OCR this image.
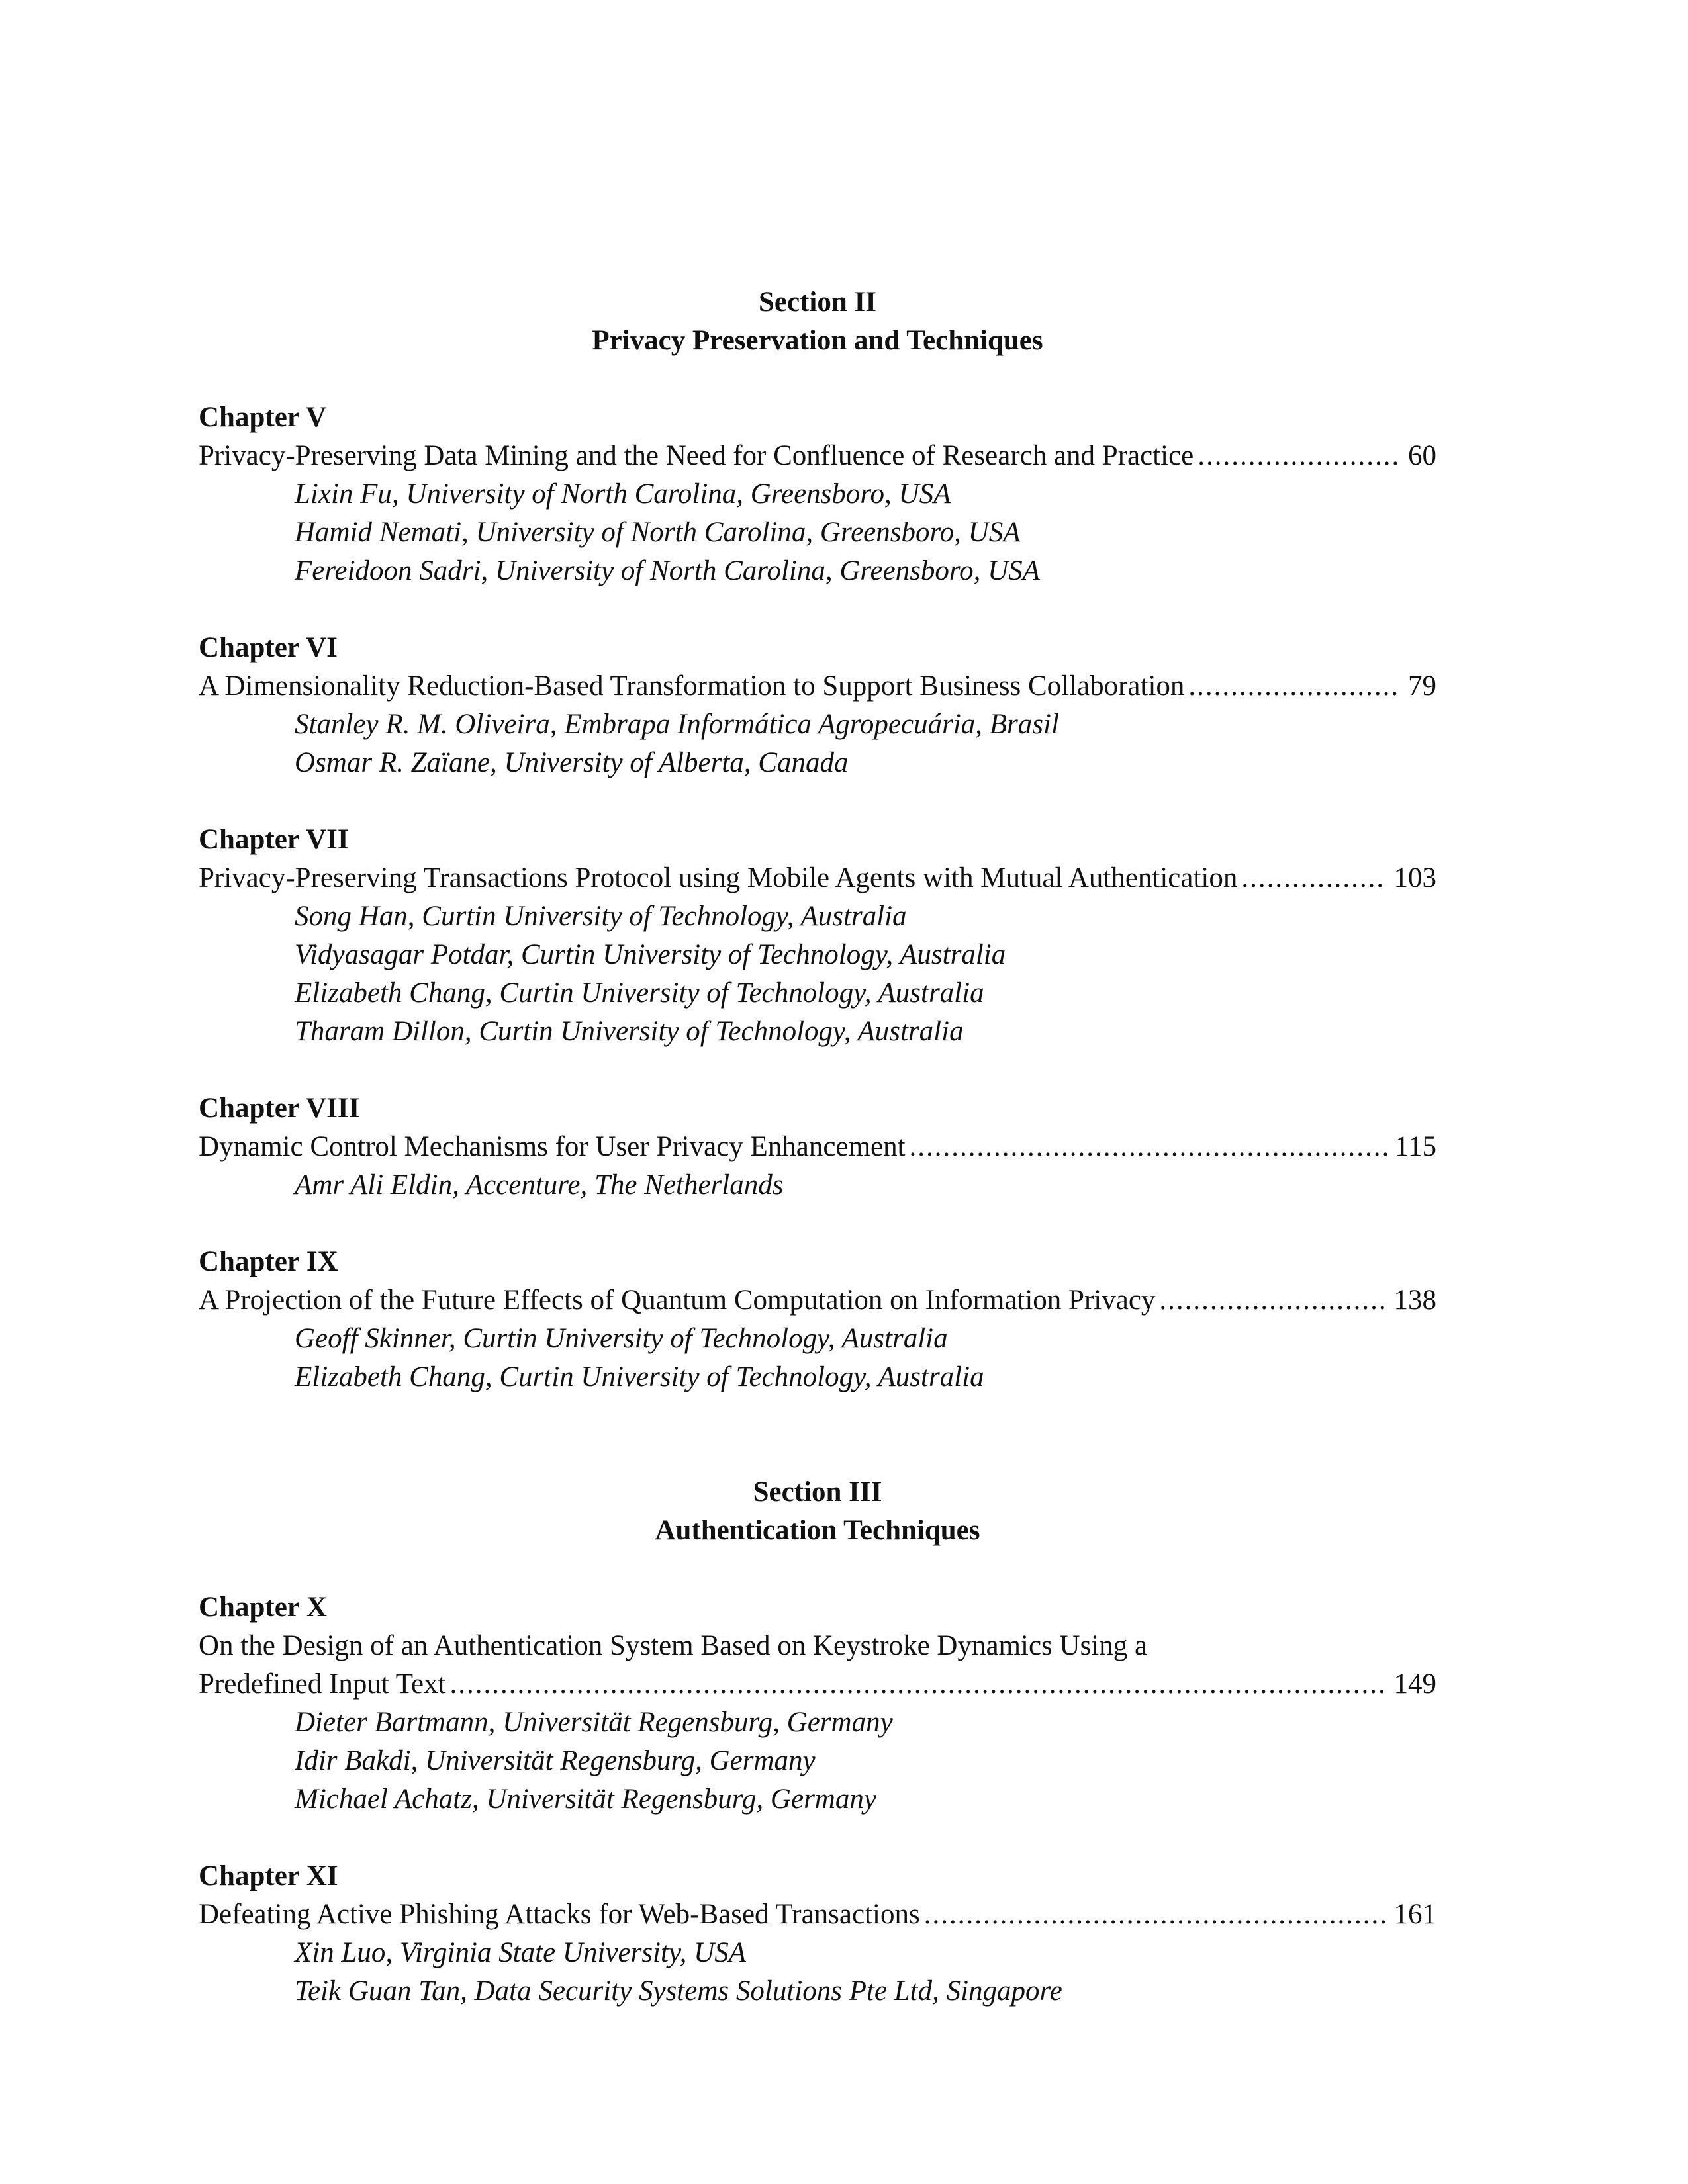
Section II
Privacy Preservation and Techniques
Chapter V
Privacy-Preserving Data Mining and the Need for Confluence of Research and Practice .....	60
Lixin Fu, University of North Carolina, Greensboro, USA
Hamid Nemati, University of North Carolina, Greensboro, USA
Fereidoon Sadri, University of North Carolina, Greensboro, USA
Chapter VI
A Dimensionality Reduction-Based Transformation to Support Business Collaboration .....	79
Stanley R. M. Oliveira, Embrapa Informática Agropecuária, Brasil
Osmar R. Zaïane, University of Alberta, Canada
Chapter VII
Privacy-Preserving Transactions Protocol using Mobile Agents with Mutual Authentication .....	103
Song Han, Curtin University of Technology, Australia
Vidyasagar Potdar, Curtin University of Technology, Australia
Elizabeth Chang, Curtin University of Technology, Australia
Tharam Dillon, Curtin University of Technology, Australia
Chapter VIII
Dynamic Control Mechanisms for User Privacy Enhancement .....	115
Amr Ali Eldin, Accenture, The Netherlands
Chapter IX
A Projection of the Future Effects of Quantum Computation on Information Privacy .....	138
Geoff Skinner, Curtin University of Technology, Australia
Elizabeth Chang, Curtin University of Technology, Australia
Section III
Authentication Techniques
Chapter X
On the Design of an Authentication System Based on Keystroke Dynamics Using a
Predefined Input Text .....	149
Dieter Bartmann, Universität Regensburg, Germany
Idir Bakdi, Universität Regensburg, Germany
Michael Achatz, Universität Regensburg, Germany
Chapter XI
Defeating Active Phishing Attacks for Web-Based Transactions .....	161
Xin Luo, Virginia State University, USA
Teik Guan Tan, Data Security Systems Solutions Pte Ltd, Singapore
